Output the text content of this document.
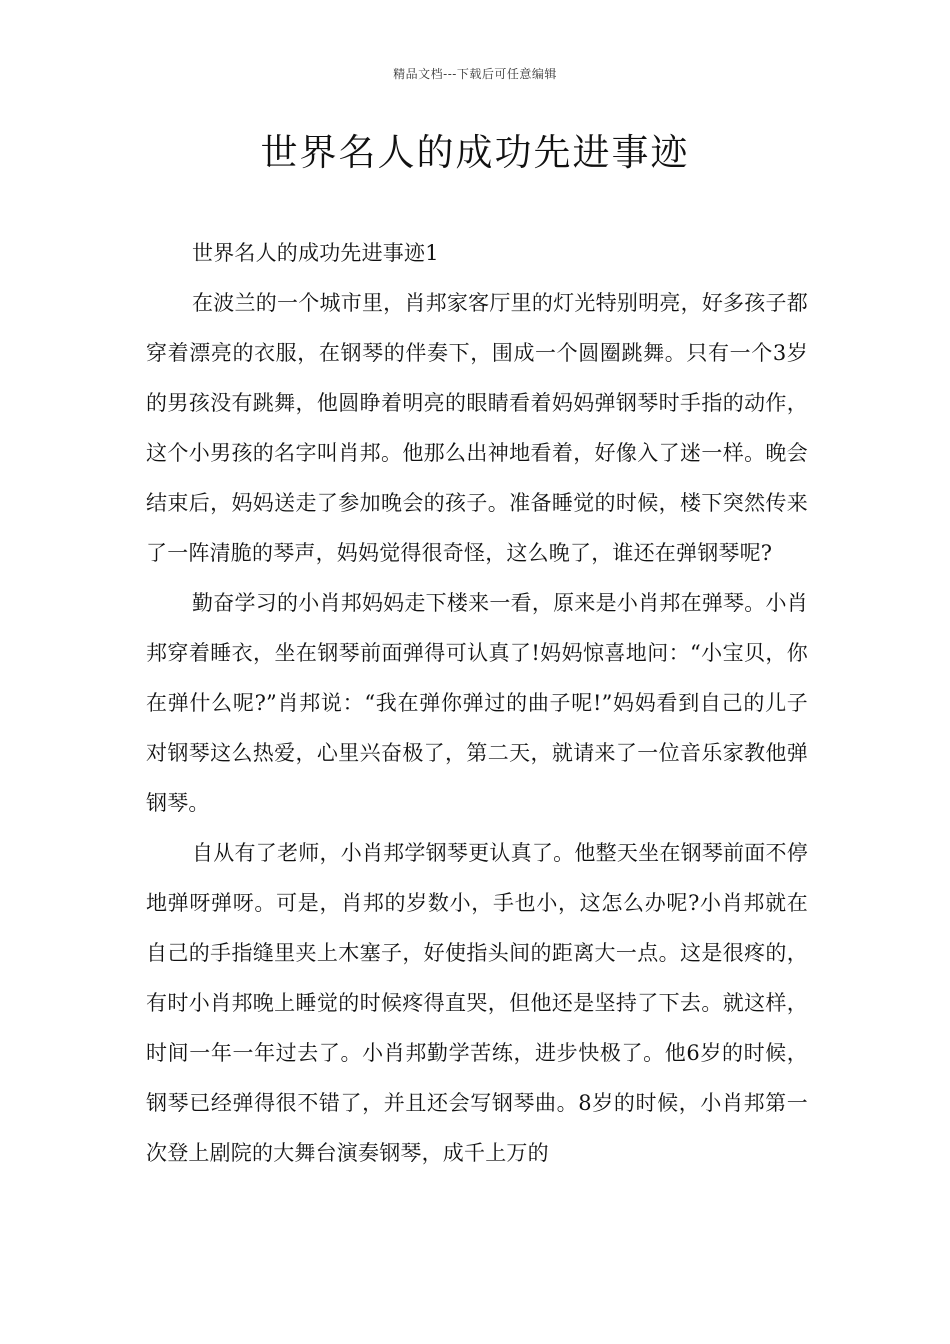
精品文档---下载后可任意编辑
世界名人的成功先进事迹

世界名人的成功先进事迹1

在波兰的一个城市里，肖邦家客厅里的灯光特别明亮，好多孩子都穿着漂亮的衣服，在钢琴的伴奏下，围成一个圆圈跳舞。只有一个3岁的男孩没有跳舞，他圆睁着明亮的眼睛看着妈妈弹钢琴时手指的动作，这个小男孩的名字叫肖邦。他那么出神地看着，好像入了迷一样。晚会结束后，妈妈送走了参加晚会的孩子。准备睡觉的时候，楼下突然传来了一阵清脆的琴声，妈妈觉得很奇怪，这么晚了，谁还在弹钢琴呢?

勤奋学习的小肖邦妈妈走下楼来一看，原来是小肖邦在弹琴。小肖邦穿着睡衣，坐在钢琴前面弹得可认真了!妈妈惊喜地问：“小宝贝，你在弹什么呢?”肖邦说：“我在弹你弹过的曲子呢!”妈妈看到自己的儿子对钢琴这么热爱，心里兴奋极了，第二天，就请来了一位音乐家教他弹钢琴。

自从有了老师，小肖邦学钢琴更认真了。他整天坐在钢琴前面不停地弹呀弹呀。可是，肖邦的岁数小，手也小，这怎么办呢?小肖邦就在自己的手指缝里夹上木塞子，好使指头间的距离大一点。这是很疼的，有时小肖邦晚上睡觉的时候疼得直哭，但他还是坚持了下去。就这样，时间一年一年过去了。小肖邦勤学苦练，进步快极了。他6岁的时候，钢琴已经弹得很不错了，并且还会写钢琴曲。8岁的时候，小肖邦第一次登上剧院的大舞台演奏钢琴，成千上万的
